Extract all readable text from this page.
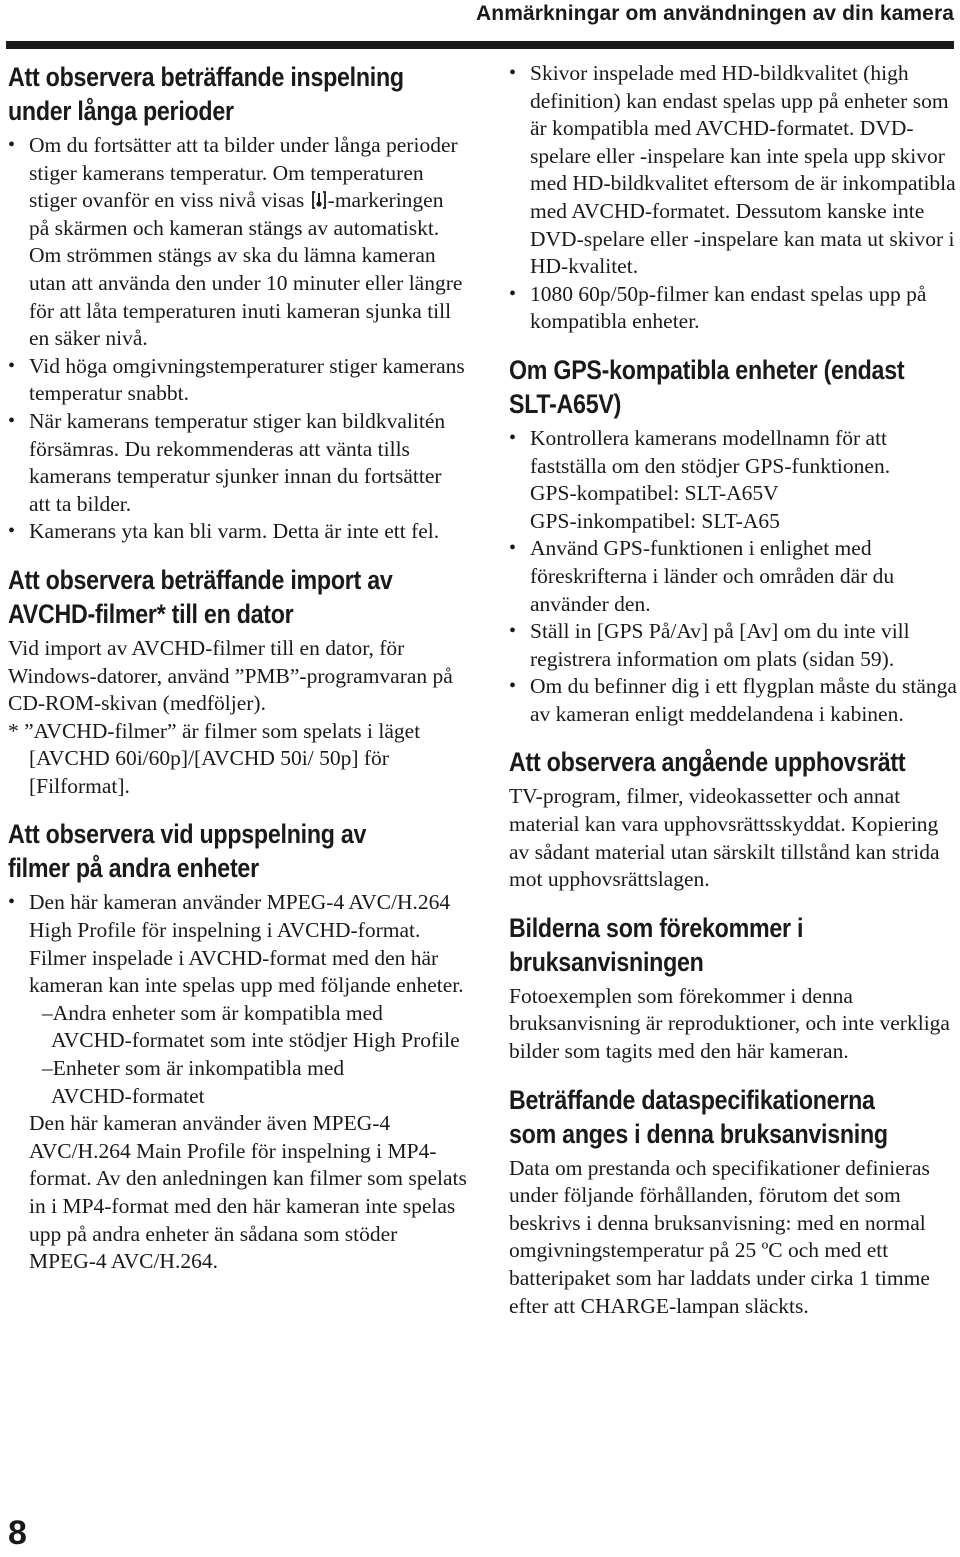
Anmärkningar om användningen av din kamera
Att observera beträffande inspelning
under långa perioder
• Om du fortsätter att ta bilder under långa perioder stiger kamerans temperatur. Om temperaturen stiger ovanför en viss nivå visas -markeringen på skärmen och kameran stängs av automatiskt. Om strömmen stängs av ska du lämna kameran utan att använda den under 10 minuter eller längre för att låta temperaturen inuti kameran sjunka till en säker nivå.
• Vid höga omgivningstemperaturer stiger kamerans temperatur snabbt.
• När kamerans temperatur stiger kan bildkvalitén försämras. Du rekommenderas att vänta tills kamerans temperatur sjunker innan du fortsätter att ta bilder.
• Kamerans yta kan bli varm. Detta är inte ett fel.
Att observera beträffande import av
AVCHD-filmer* till en dator

Vid import av AVCHD-filmer till en dator, för Windows-datorer, använd ”PMB”-programvaran på CD-ROM-skivan (medföljer).
* ”AVCHD-filmer” är filmer som spelats i läget [AVCHD 60i/60p]/[AVCHD 50i/ 50p] för [Filformat].

Att observera vid uppspelning av
filmer på andra enheter
• Den här kameran använder MPEG-4 AVC/H.264 High Profile för inspelning i AVCHD-format. Filmer inspelade i AVCHD-format med den här kameran kan inte spelas upp med följande enheter.
–Andra enheter som är kompatibla med
AVCHD-formatet som inte stödjer High Profile
–Enheter som är inkompatibla med
AVCHD-formatet
Den här kameran använder även MPEG-4 AVC/H.264 Main Profile för inspelning i MP4-format. Av den anledningen kan filmer som spelats in i MP4-format med den här kameran inte spelas upp på andra enheter än sådana som stöder MPEG-4 AVC/H.264.
• Skivor inspelade med HD-bildkvalitet (high definition) kan endast spelas upp på enheter som är kompatibla med AVCHD-formatet. DVD-spelare eller -inspelare kan inte spela upp skivor med HD-bildkvalitet eftersom de är inkompatibla med AVCHD-formatet. Dessutom kanske inte DVD-spelare eller -inspelare kan mata ut skivor i HD-kvalitet.
• 1080 60p/50p-filmer kan endast spelas upp på kompatibla enheter.
Om GPS-kompatibla enheter (endast
SLT-A65V)
• Kontrollera kamerans modellnamn för att fastställa om den stödjer GPS-funktionen.
GPS-kompatibel: SLT-A65V
GPS-inkompatibel: SLT-A65
• Använd GPS-funktionen i enlighet med föreskrifterna i länder och områden där du använder den.
• Ställ in [GPS På/Av] på [Av] om du inte vill registrera information om plats (sidan 59).
• Om du befinner dig i ett flygplan måste du stänga av kameran enligt meddelandena i kabinen.
Att observera angående upphovsrätt

TV-program, filmer, videokassetter och annat material kan vara upphovsrättsskyddat. Kopiering av sådant material utan särskilt tillstånd kan strida mot upphovsrättslagen.

Bilderna som förekommer i
bruksanvisningen

Fotoexemplen som förekommer i denna bruksanvisning är reproduktioner, och inte verkliga bilder som tagits med den här kameran.

Beträffande dataspecifikationerna
som anges i denna bruksanvisning

Data om prestanda och specifikationer definieras under följande förhållanden, förutom det som beskrivs i denna bruksanvisning: med en normal omgivningstemperatur på 25 ºC och med ett batteripaket som har laddats under cirka 1 timme efter att CHARGE-lampan släckts.

8
